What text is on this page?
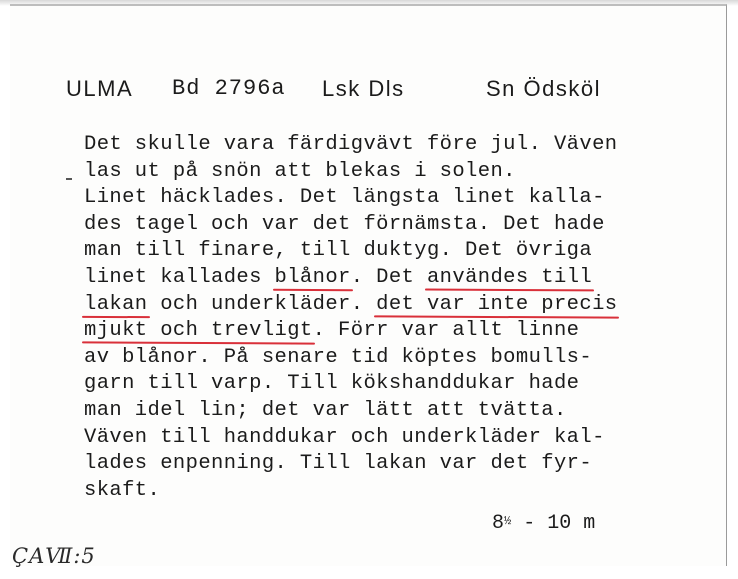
ULMA Bd 2796a Lsk Dls	Sn Ödsköl
Det skulle vara färdigvävt före jul. Väven
las ut på snön att blekas i solen.
Linet häcklades. Det längsta linet kalla-
des tagel och var det förnämsta. Det hade
man till finare, till duktyg. Det övriga
linet kallades blånor. Det användes till
lakan och underkläder. det var inte precis
mjukt och trevligt. Förr var allt linne
av blånor. På senare tid köptes bomulls-
garn till varp. Till kökshanddukar hade
man idel lin; det var lätt att tvätta.
Väven till handdukar och underkläder kal-
lades enpenning. Till lakan var det fyr-
skaft.
$8^{\frac{1}{2}} - 10$ m
ÇAⅦ:5
